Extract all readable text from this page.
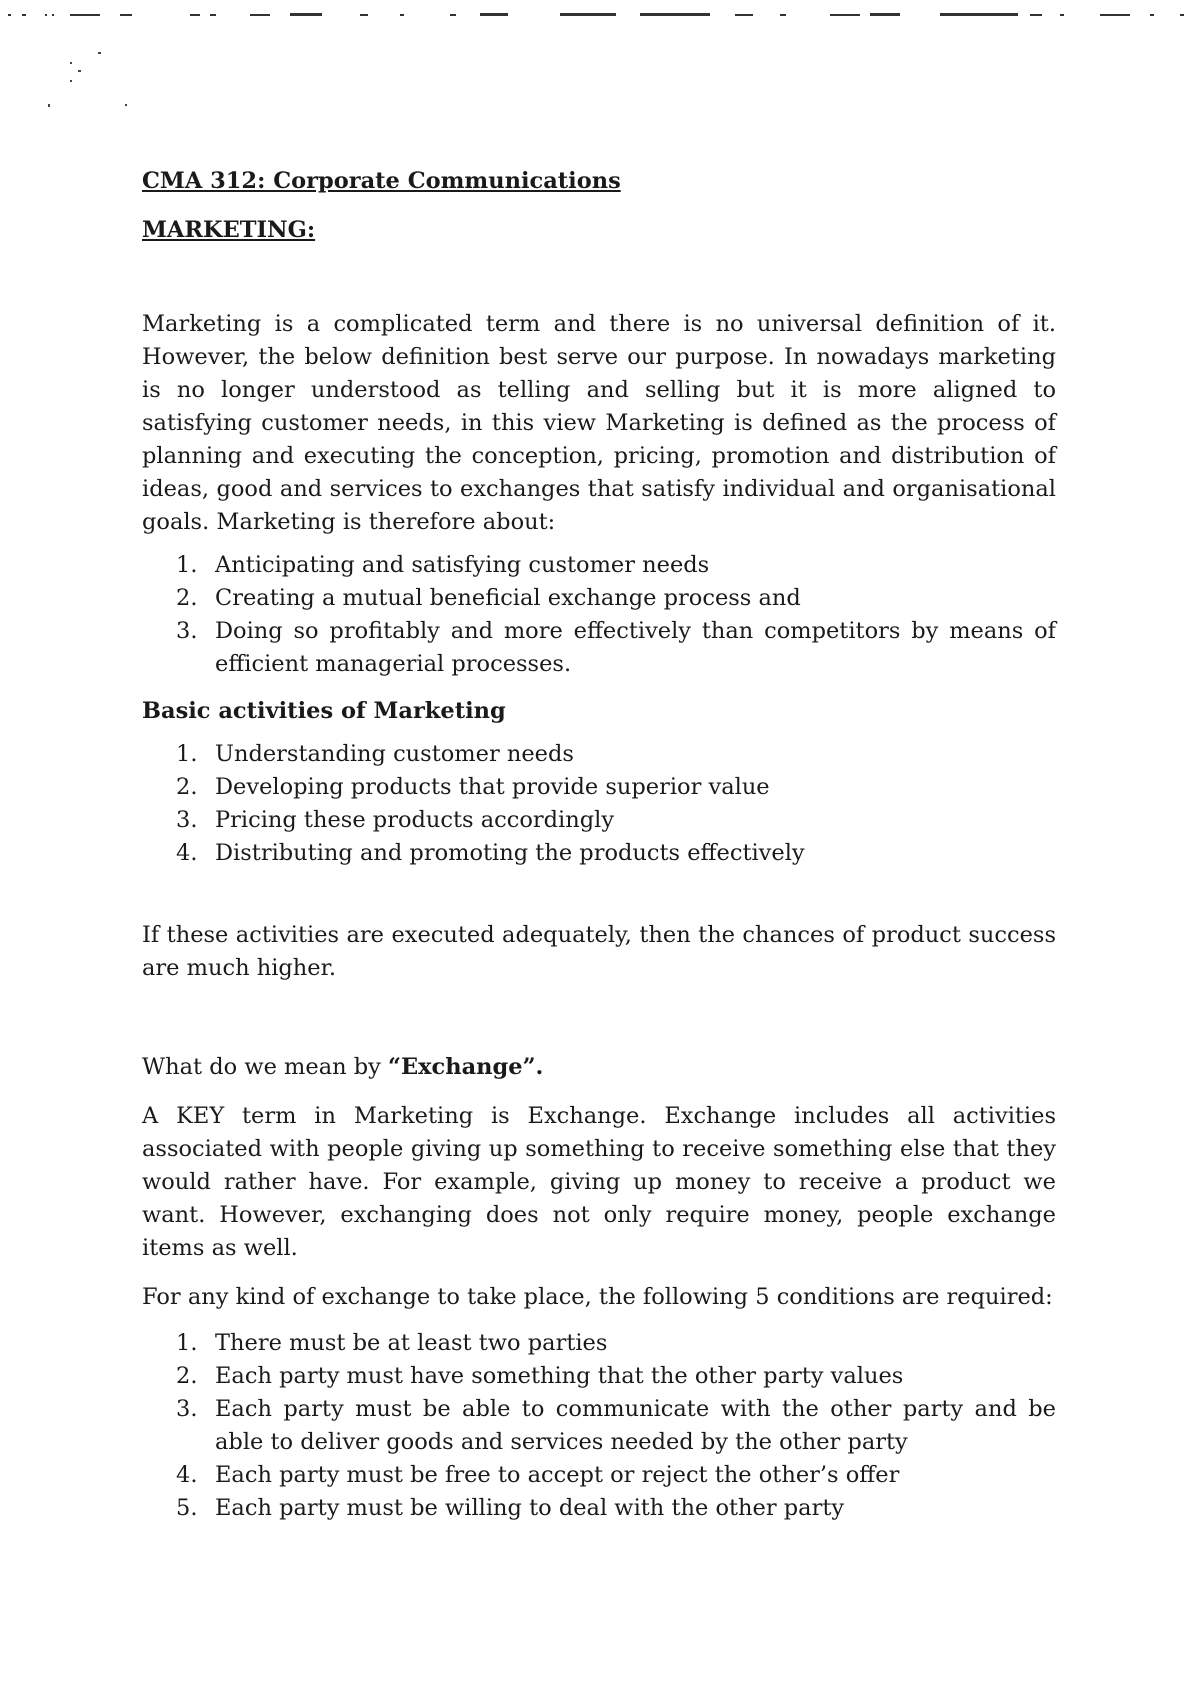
CMA 312: Corporate Communications
MARKETING:

Marketing is a complicated term and there is no universal definition of it. However, the below definition best serve our purpose. In nowadays marketing is no longer understood as telling and selling but it is more aligned to satisfying customer needs, in this view Marketing is defined as the process of planning and executing the conception, pricing, promotion and distribution of ideas, good and services to exchanges that satisfy individual and organisational goals. Marketing is therefore about:

1. Anticipating and satisfying customer needs
2. Creating a mutual beneficial exchange process and
3. Doing so profitably and more effectively than competitors by means of efficient managerial processes.
Basic activities of Marketing
1. Understanding customer needs
2. Developing products that provide superior value
3. Pricing these products accordingly
4. Distributing and promoting the products effectively

If these activities are executed adequately, then the chances of product success are much higher.

What do we mean by “Exchange”.

A KEY term in Marketing is Exchange. Exchange includes all activities associated with people giving up something to receive something else that they would rather have. For example, giving up money to receive a product we want. However, exchanging does not only require money, people exchange items as well.

For any kind of exchange to take place, the following 5 conditions are required:

1. There must be at least two parties
2. Each party must have something that the other party values
3. Each party must be able to communicate with the other party and be able to deliver goods and services needed by the other party
4. Each party must be free to accept or reject the other’s offer
5. Each party must be willing to deal with the other party
